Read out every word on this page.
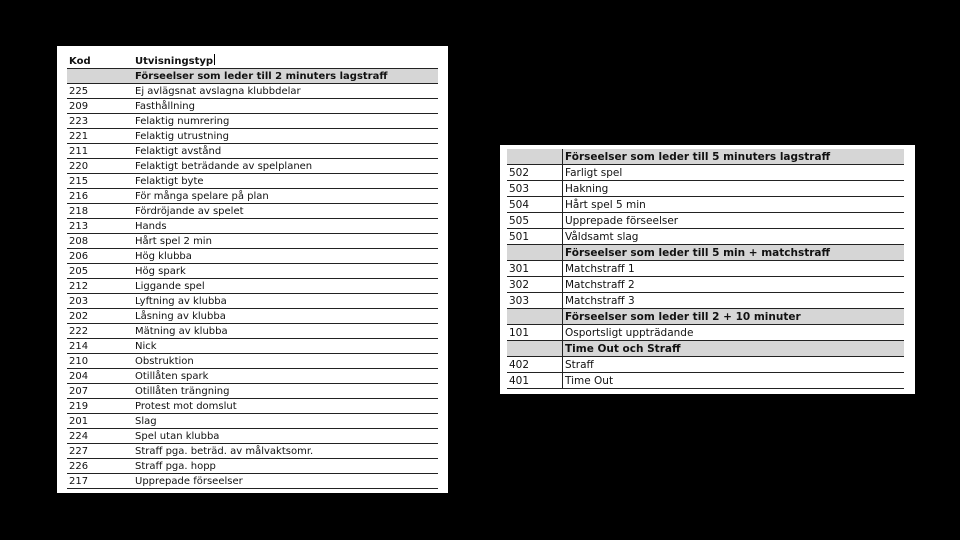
Kod	Utvisningstyp
	Förseelser som leder till 2 minuters lagstraff
225	Ej avlägsnat avslagna klubbdelar
209	Fasthållning
223	Felaktig numrering
221	Felaktig utrustning
211	Felaktigt avstånd
220	Felaktigt beträdande av spelplanen
215	Felaktigt byte
216	För många spelare på plan
218	Fördröjande av spelet
213	Hands
208	Hårt spel 2 min
206	Hög klubba
205	Hög spark
212	Liggande spel
203	Lyftning av klubba
202	Låsning av klubba
222	Mätning av klubba
214	Nick
210	Obstruktion
204	Otillåten spark
207	Otillåten trängning
219	Protest mot domslut
201	Slag
224	Spel utan klubba
227	Straff pga. beträd. av målvaktsomr.
226	Straff pga. hopp
217	Upprepade förseelser
	Förseelser som leder till 5 minuters lagstraff
502	Farligt spel
503	Hakning
504	Hårt spel 5 min
505	Upprepade förseelser
501	Våldsamt slag
	Förseelser som leder till 5 min + matchstraff
301	Matchstraff 1
302	Matchstraff 2
303	Matchstraff 3
	Förseelser som leder till 2 + 10 minuter
101	Osportsligt uppträdande
	Time Out och Straff
402	Straff
401	Time Out
